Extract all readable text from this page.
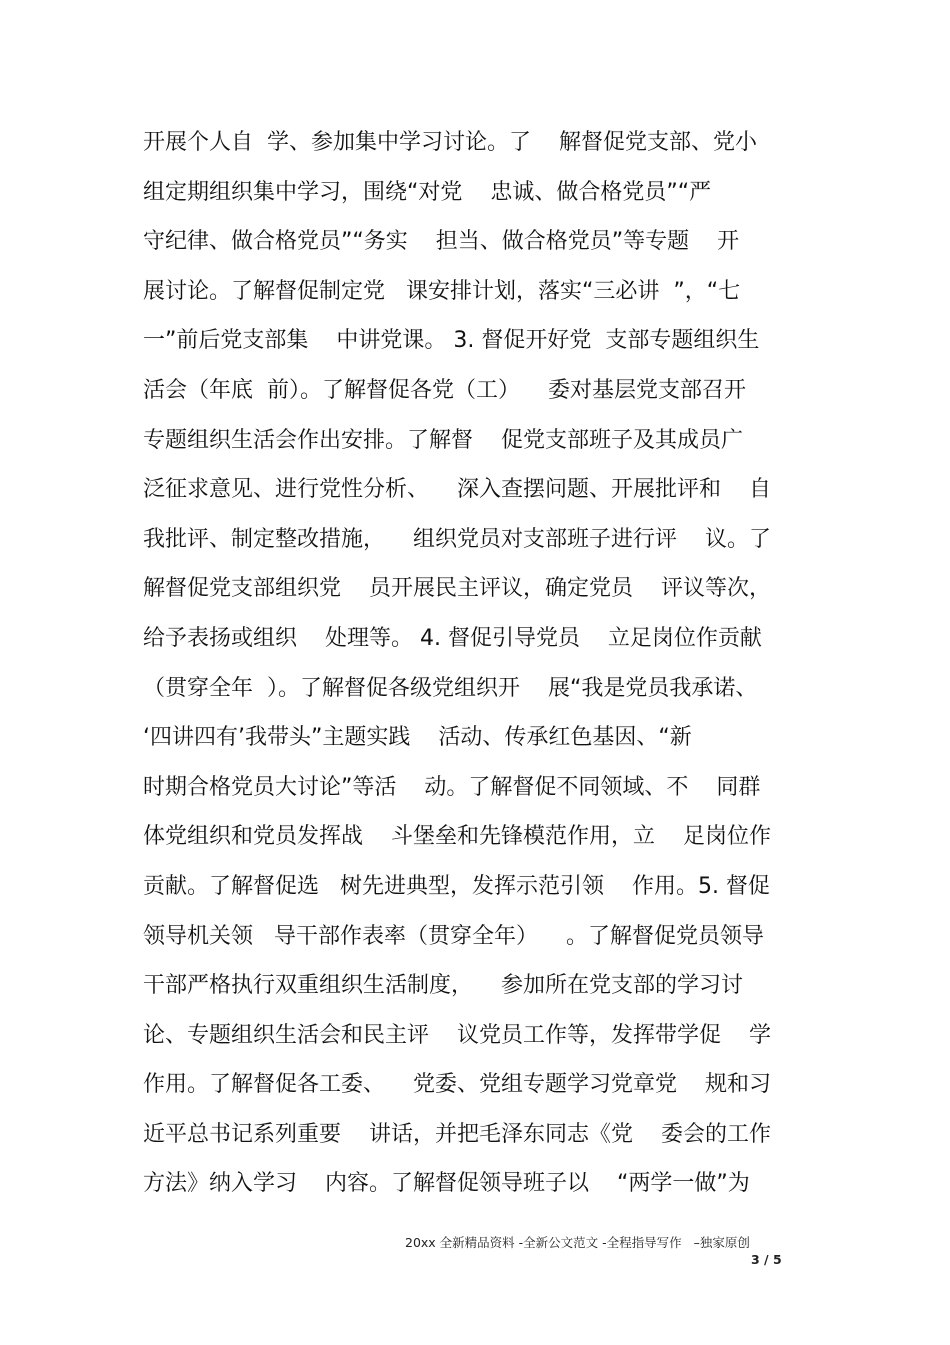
开展个人自  学、参加集中学习讨论。了    解督促党支部、党小
组定期组织集中学习，围绕“对党    忠诚、做合格党员”“严
守纪律、做合格党员”“务实    担当、做合格党员”等专题    开
展讨论。了解督促制定党   课安排计划，落实“三必讲  ”，“七
一”前后党支部集    中讲党课。 3. 督促开好党  支部专题组织生
活会（年底  前）。了解督促各党（工）    委对基层党支部召开
专题组织生活会作出安排。了解督    促党支部班子及其成员广
泛征求意见、进行党性分析、    深入查摆问题、开展批评和    自
我批评、制定整改措施，    组织党员对支部班子进行评    议。了
解督促党支部组织党    员开展民主评议，确定党员    评议等次，
给予表扬或组织    处理等。 4. 督促引导党员    立足岗位作贡献
（贯穿全年  ）。了解督促各级党组织开    展“我是党员我承诺、
‘四讲四有’我带头”主题实践    活动、传承红色基因、“新
时期合格党员大讨论”等活    动。了解督促不同领域、不    同群
体党组织和党员发挥战    斗堡垒和先锋模范作用，立    足岗位作
贡献。了解督促选   树先进典型，发挥示范引领    作用。5. 督促
领导机关领   导干部作表率（贯穿全年）    。了解督促党员领导
干部严格执行双重组织生活制度，    参加所在党支部的学习讨
论、专题组织生活会和民主评    议党员工作等，发挥带学促    学
作用。了解督促各工委、    党委、党组专题学习党章党    规和习
近平总书记系列重要    讲话，并把毛泽东同志《党    委会的工作
方法》纳入学习    内容。了解督促领导班子以    “两学一做”为
20xx 全新精品资料 -全新公文范文 -全程指导写作   –独家原创
3 / 5
